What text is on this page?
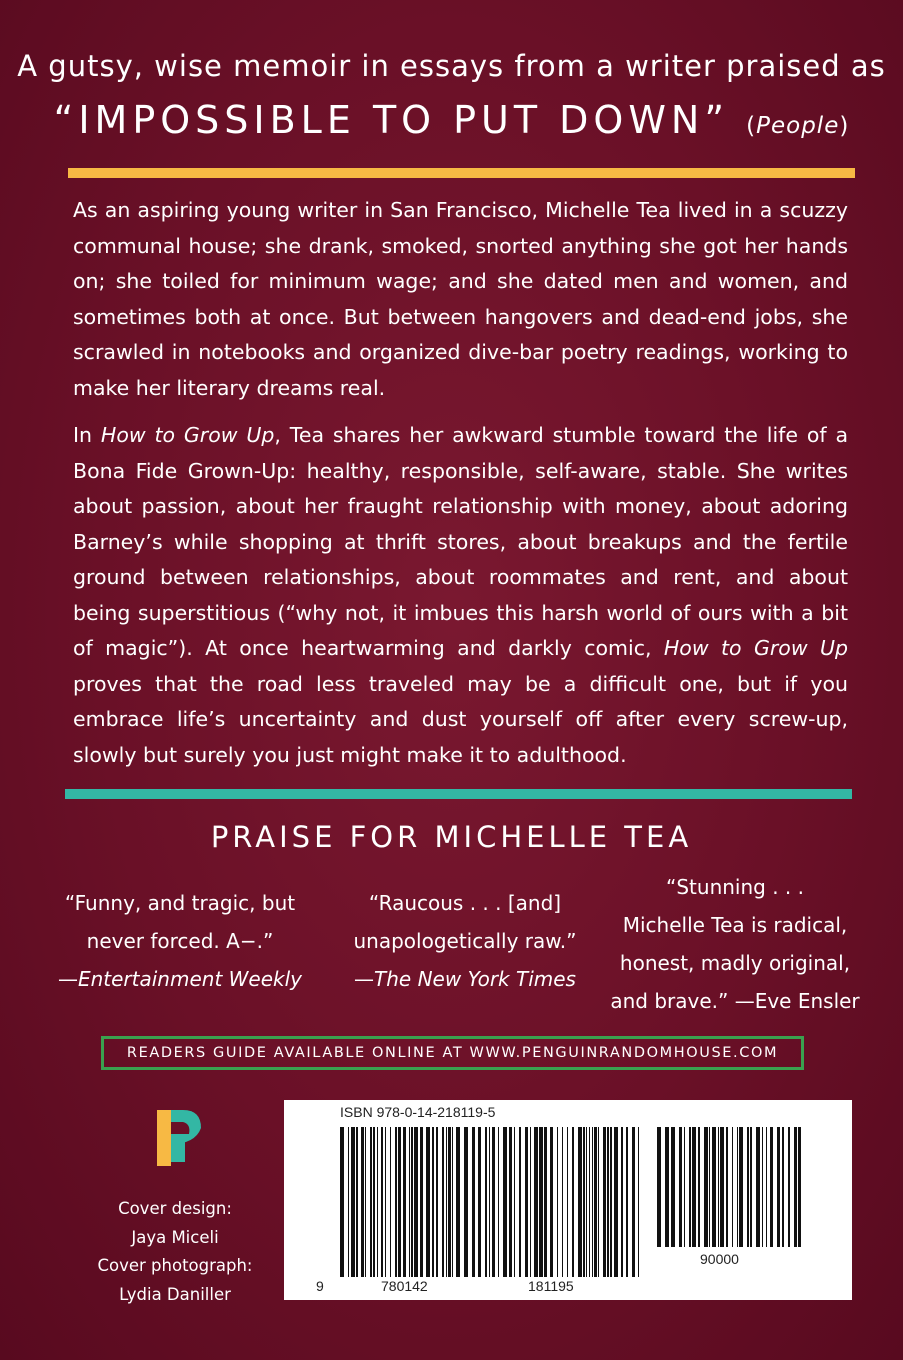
A gutsy, wise memoir in essays from a writer praised as
“IMPOSSIBLE TO PUT DOWN” (People)

As an aspiring young writer in San Francisco, Michelle Tea lived in a scuzzy communal house; she drank, smoked, snorted anything she got her hands on; she toiled for minimum wage; and she dated men and women, and sometimes both at once. But between hangovers and dead-end jobs, she scrawled in notebooks and organized dive-bar poetry readings, working to make her literary dreams real.

In How to Grow Up, Tea shares her awkward stumble toward the life of a Bona Fide Grown-Up: healthy, responsible, self-aware, stable. She writes about passion, about her fraught relationship with money, about adoring Barney’s while shopping at thrift stores, about breakups and the fertile ground between relationships, about roommates and rent, and about being superstitious (“why not, it imbues this harsh world of ours with a bit of magic”). At once heartwarming and darkly comic, How to Grow Up proves that the road less traveled may be a difficult one, but if you embrace life’s uncertainty and dust yourself off after every screw-up, slowly but surely you just might make it to adulthood.

PRAISE FOR MICHELLE TEA
“Funny, and tragic, but
never forced. A−.”
—Entertainment Weekly
“Raucous . . . [and]
unapologetically raw.”
—The New York Times
“Stunning . . .
Michelle Tea is radical,
honest, madly original,
and brave.” —Eve Ensler
READERS GUIDE AVAILABLE ONLINE AT WWW.PENGUINRANDOMHOUSE.COM
Cover design:
Jaya Miceli
Cover photograph:
Lydia Daniller
ISBN 978-0-14-218119-5
9	780142	181195
90000
